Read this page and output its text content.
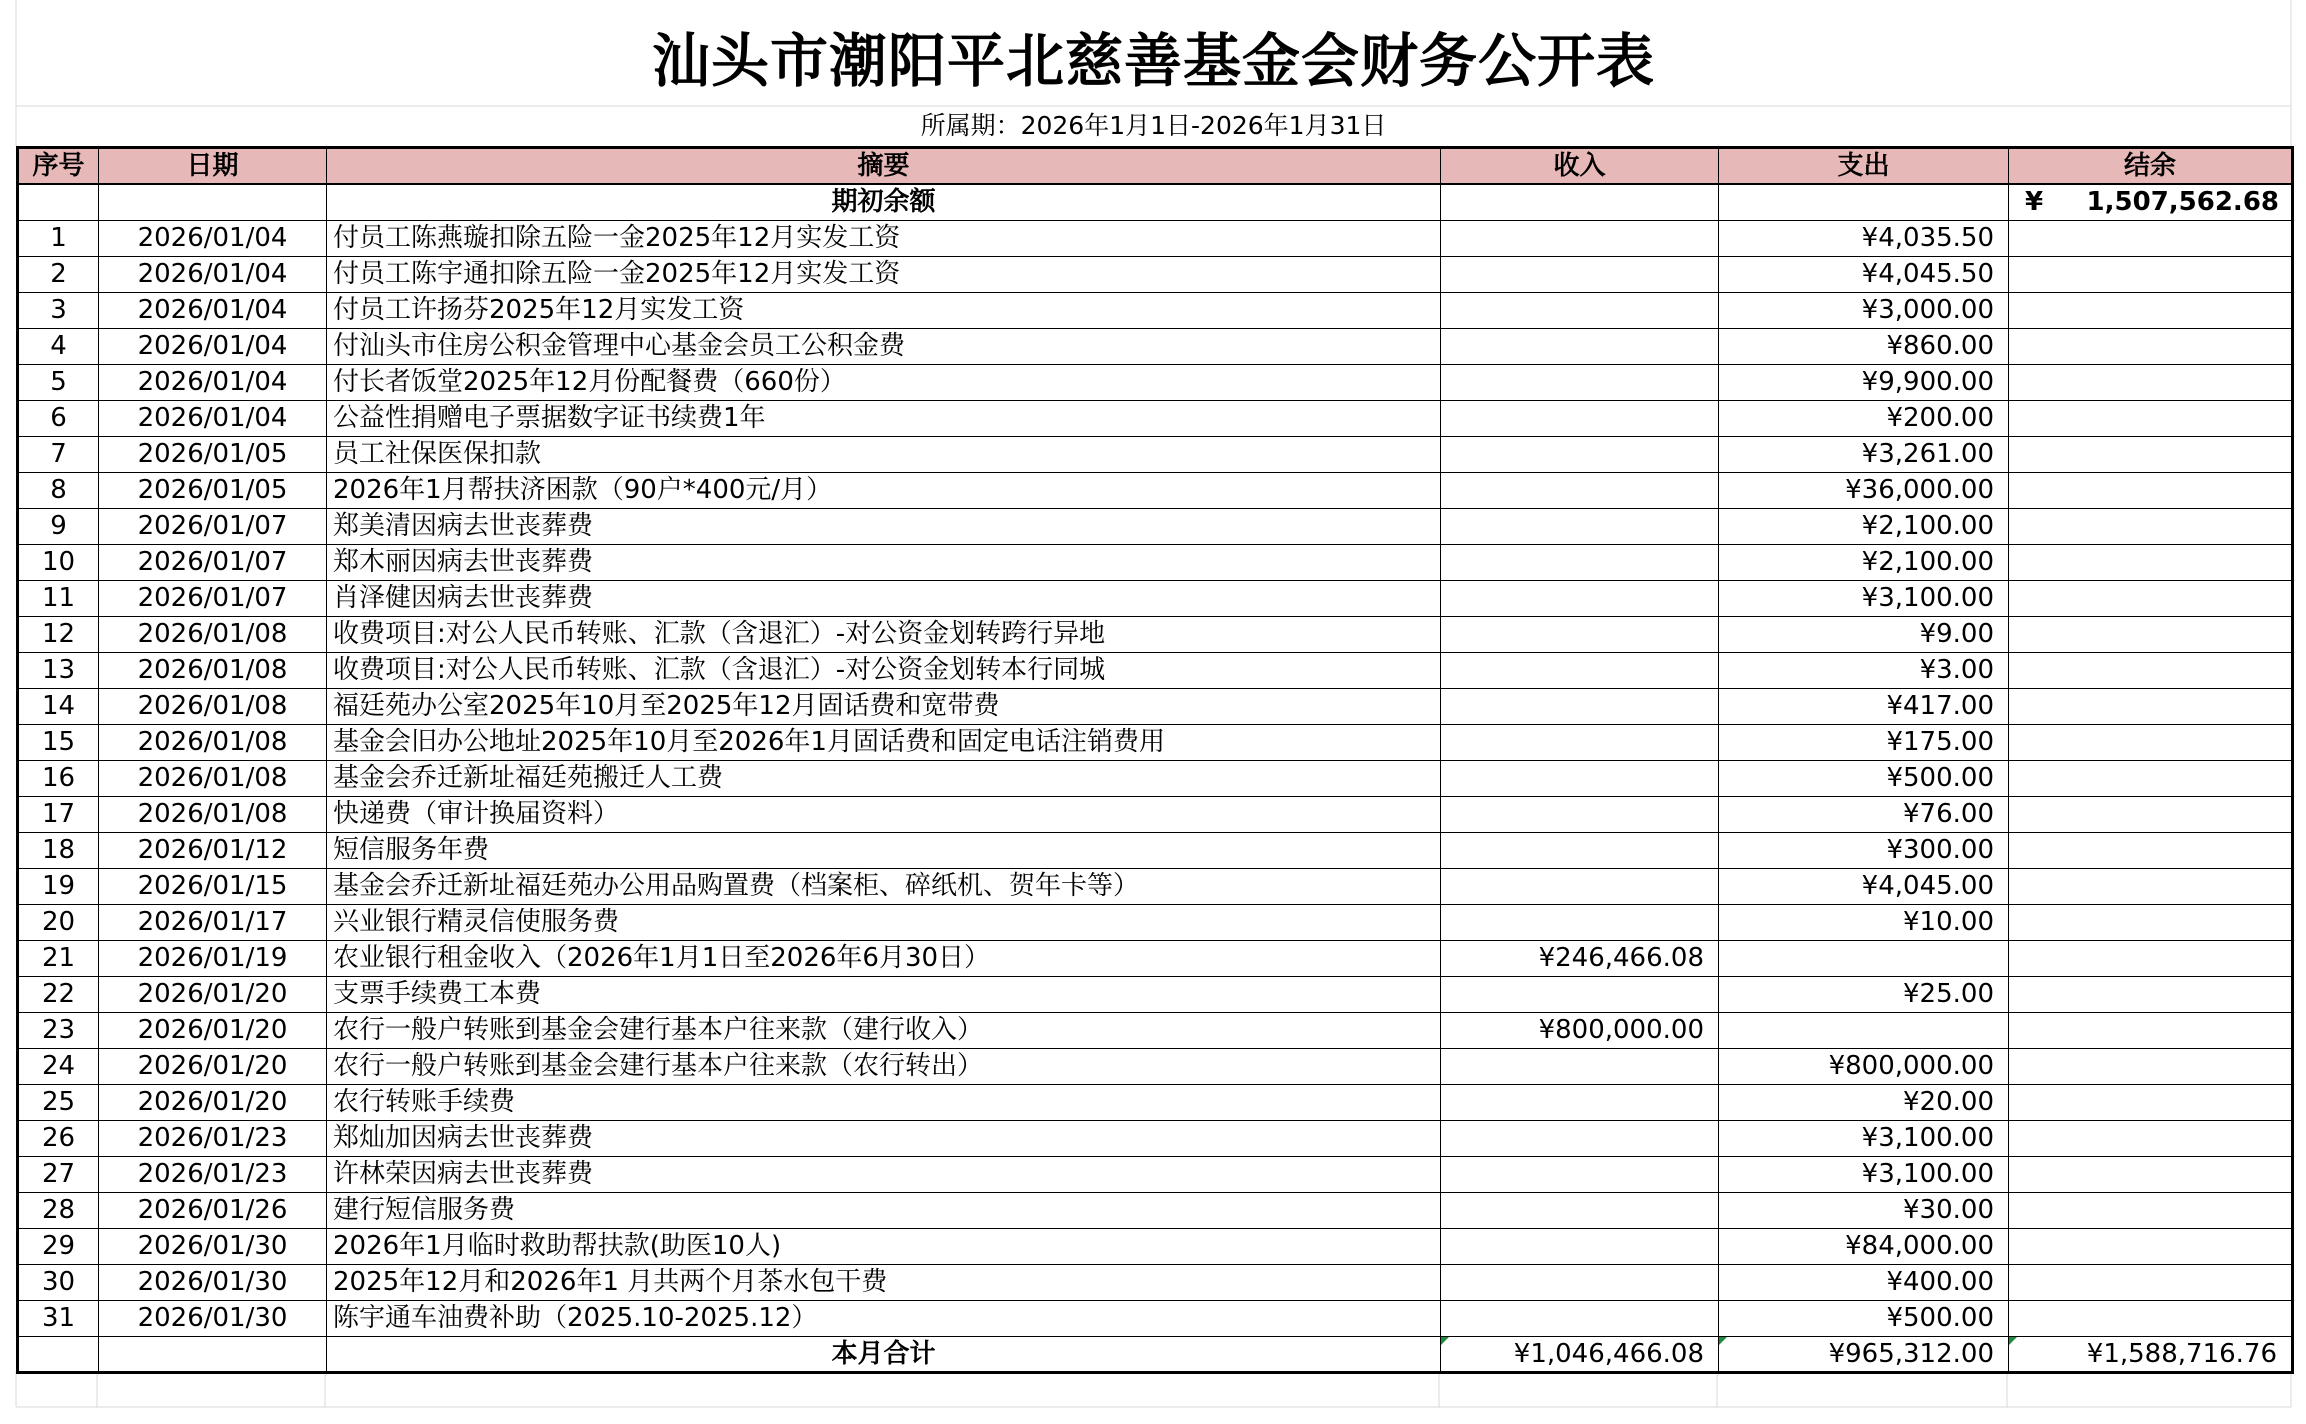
汕头市潮阳平北慈善基金会财务公开表
所属期：2026年1月1日-2026年1月31日
序号	日期	摘要	收入	支出	结余
		期初余额			¥ 1,507,562.68

1	2026/01/04	付员工陈燕璇扣除五险一金2025年12月实发工资		¥4,035.50	
2	2026/01/04	付员工陈宇通扣除五险一金2025年12月实发工资		¥4,045.50	
3	2026/01/04	付员工许扬芬2025年12月实发工资		¥3,000.00	
4	2026/01/04	付汕头市住房公积金管理中心基金会员工公积金费		¥860.00	
5	2026/01/04	付长者饭堂2025年12月份配餐费（660份）		¥9,900.00	
6	2026/01/04	公益性捐赠电子票据数字证书续费1年		¥200.00	
7	2026/01/05	员工社保医保扣款		¥3,261.00	
8	2026/01/05	2026年1月帮扶济困款（90户*400元/月）		¥36,000.00	
9	2026/01/07	郑美清因病去世丧葬费		¥2,100.00	
10	2026/01/07	郑木丽因病去世丧葬费		¥2,100.00	
11	2026/01/07	肖泽健因病去世丧葬费		¥3,100.00	
12	2026/01/08	收费项目:对公人民币转账、汇款（含退汇）-对公资金划转跨行异地		¥9.00	
13	2026/01/08	收费项目:对公人民币转账、汇款（含退汇）-对公资金划转本行同城		¥3.00	
14	2026/01/08	福廷苑办公室2025年10月至2025年12月固话费和宽带费		¥417.00	
15	2026/01/08	基金会旧办公地址2025年10月至2026年1月固话费和固定电话注销费用		¥175.00	
16	2026/01/08	基金会乔迁新址福廷苑搬迁人工费		¥500.00	
17	2026/01/08	快递费（审计换届资料）		¥76.00	
18	2026/01/12	短信服务年费		¥300.00	
19	2026/01/15	基金会乔迁新址福廷苑办公用品购置费（档案柜、碎纸机、贺年卡等）		¥4,045.00	
20	2026/01/17	兴业银行精灵信使服务费		¥10.00	
21	2026/01/19	农业银行租金收入（2026年1月1日至2026年6月30日）	¥246,466.08		
22	2026/01/20	支票手续费工本费		¥25.00	
23	2026/01/20	农行一般户转账到基金会建行基本户往来款（建行收入）	¥800,000.00		
24	2026/01/20	农行一般户转账到基金会建行基本户往来款（农行转出）		¥800,000.00	
25	2026/01/20	农行转账手续费		¥20.00	
26	2026/01/23	郑灿加因病去世丧葬费		¥3,100.00	
27	2026/01/23	许林荣因病去世丧葬费		¥3,100.00	
28	2026/01/26	建行短信服务费		¥30.00	
29	2026/01/30	2026年1月临时救助帮扶款(助医10人)		¥84,000.00	
30	2026/01/30	2025年12月和2026年1 月共两个月茶水包干费		¥400.00	
31	2026/01/30	陈宇通车油费补助（2025.10-2025.12）		¥500.00	
		本月合计	¥1,046,466.08	¥965,312.00	¥1,588,716.76
